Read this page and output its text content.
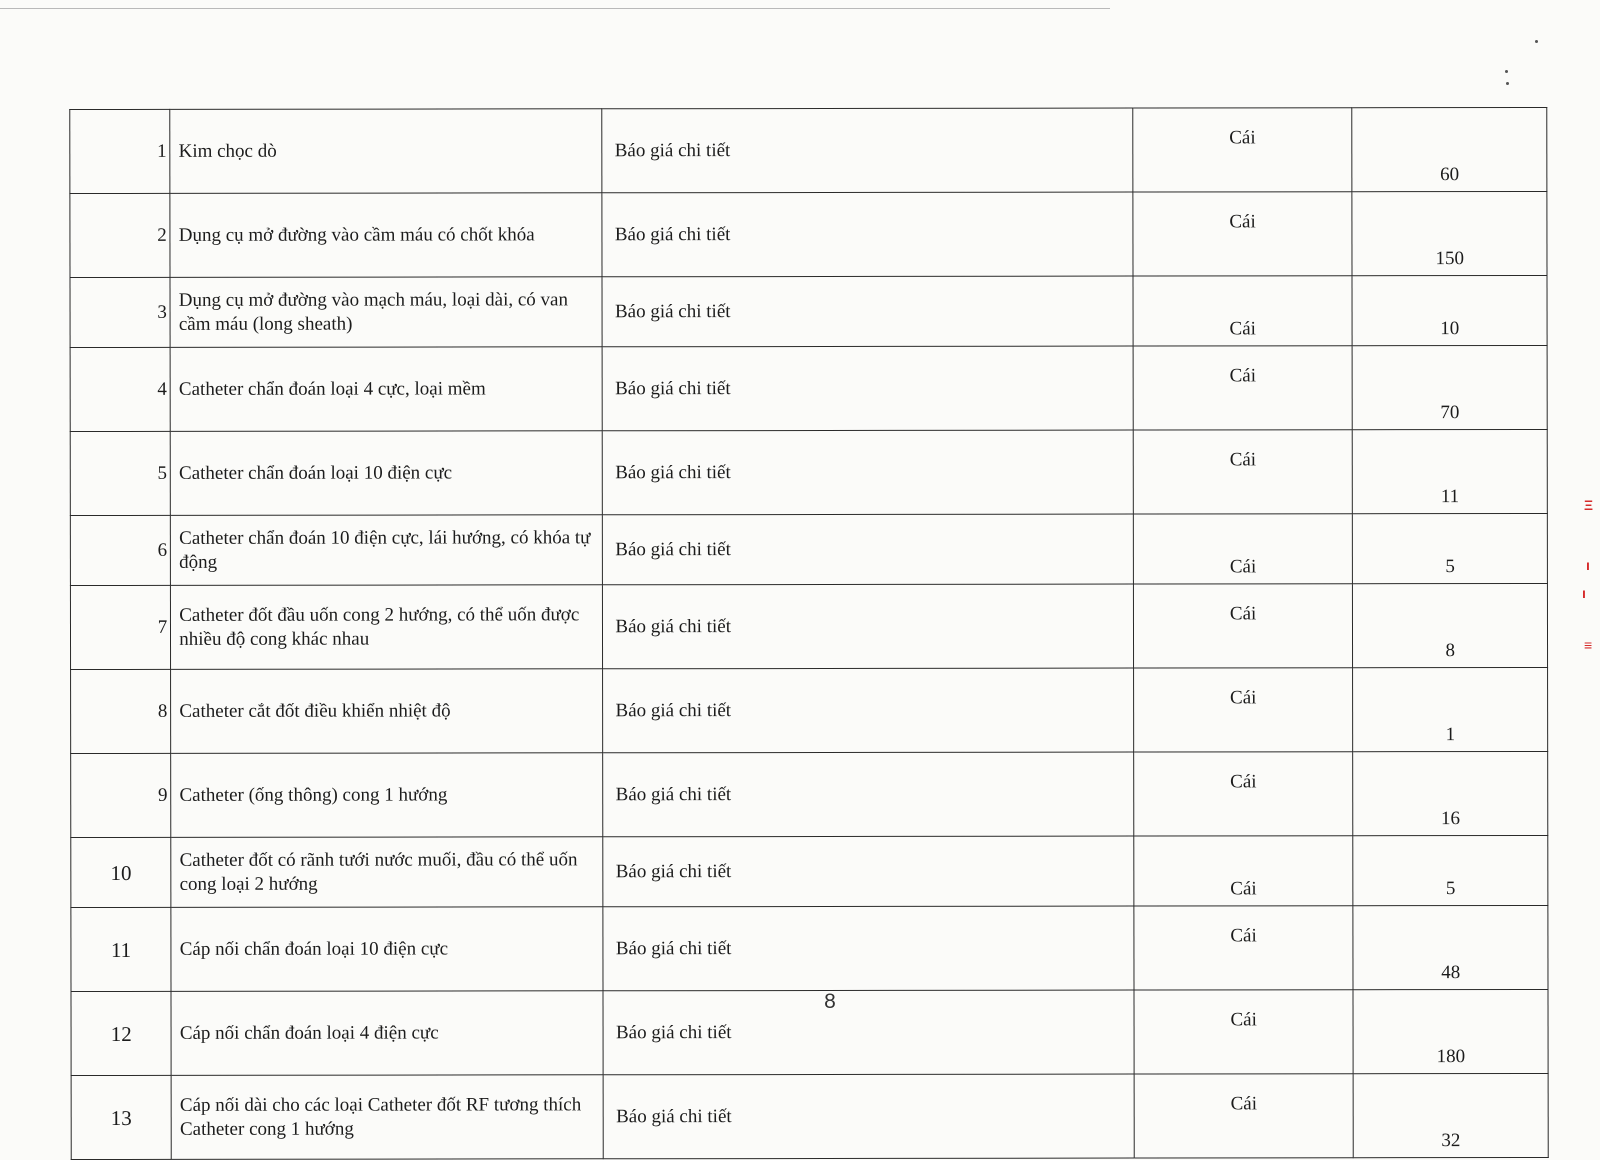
1	Kim chọc dò	Báo giá chi tiết	Cái	60
2	Dụng cụ mở đường vào cầm máu có chốt khóa	Báo giá chi tiết	Cái	150
3	Dụng cụ mở đường vào mạch máu, loại dài, có van cầm máu (long sheath)	Báo giá chi tiết	Cái	10
4	Catheter chẩn đoán loại 4 cực, loại mềm	Báo giá chi tiết	Cái	70
5	Catheter chẩn đoán loại 10 điện cực	Báo giá chi tiết	Cái	11
6	Catheter chẩn đoán 10 điện cực, lái hướng, có khóa tự động	Báo giá chi tiết	Cái	5
7	Catheter đốt đầu uốn cong 2 hướng, có thể uốn được nhiều độ cong khác nhau	Báo giá chi tiết	Cái	8
8	Catheter cắt đốt điều khiển nhiệt độ	Báo giá chi tiết	Cái	1
9	Catheter (ống thông) cong 1 hướng	Báo giá chi tiết	Cái	16
10	Catheter đốt có rãnh tưới nước muối, đầu có thể uốn cong loại 2 hướng	Báo giá chi tiết	Cái	5
11	Cáp nối chẩn đoán loại 10 điện cực	Báo giá chi tiết	Cái	48
12	Cáp nối chẩn đoán loại 4 điện cực	Báo giá chi tiết	Cái	180
13	Cáp nối dài cho các loại Catheter đốt RF tương thích Catheter cong 1 hướng	Báo giá chi tiết	Cái	32
8
Ξ
ı
ı
≡
